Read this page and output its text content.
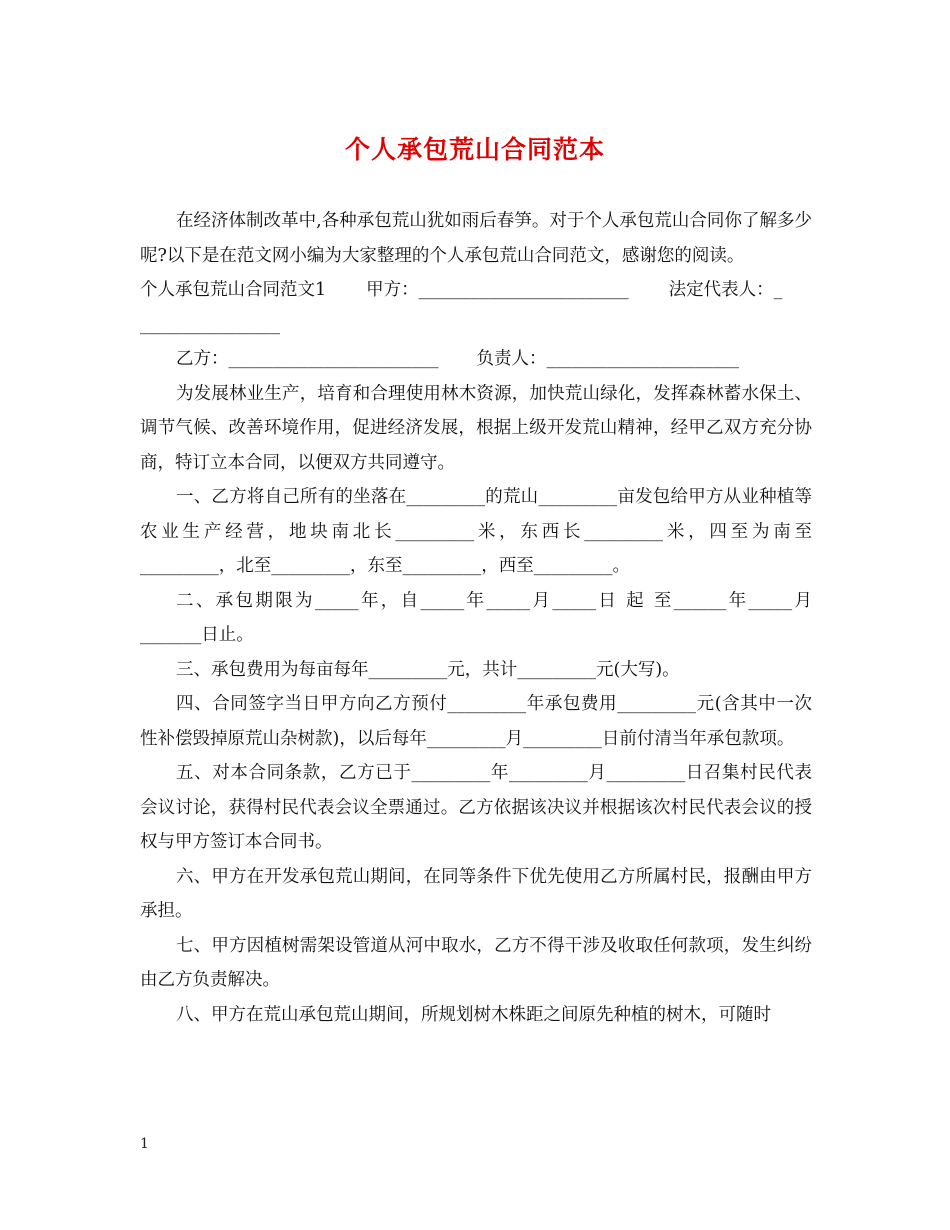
个人承包荒山合同范本

在经济体制改革中,各种承包荒山犹如雨后春笋。对于个人承包荒山合同你了解多少呢?以下是在范文网小编为大家整理的个人承包荒山合同范文，感谢您的阅读。

个人承包荒山合同范文1 甲方：________________________ 法定代表人：_
________________
乙方：________________________ 负责人：______________________

为发展林业生产，培育和合理使用林木资源，加快荒山绿化，发挥森林蓄水保土、调节气候、改善环境作用，促进经济发展，根据上级开发荒山精神，经甲乙双方充分协商，特订立本合同，以便双方共同遵守。

一、乙方将自己所有的坐落在_________的荒山_________亩发包给甲方从业种植等农业生产经营，地块南北长_________米，东西长_________米，四至为南至 _________，北至_________，东至_________，西至_________。

二、承包期限为_____年，自_____年_____月_____日 起 至______年_____月_______日止。

三、承包费用为每亩每年_________元，共计_________元(大写)。

四、合同签字当日甲方向乙方预付_________年承包费用_________元(含其中一次性补偿毁掉原荒山杂树款)，以后每年_________月_________日前付清当年承包款项。

五、对本合同条款，乙方已于_________年_________月_________日召集村民代表会议讨论，获得村民代表会议全票通过。乙方依据该决议并根据该次村民代表会议的授权与甲方签订本合同书。

六、甲方在开发承包荒山期间，在同等条件下优先使用乙方所属村民，报酬由甲方承担。

七、甲方因植树需架设管道从河中取水，乙方不得干涉及收取任何款项，发生纠纷由乙方负责解决。

八、甲方在荒山承包荒山期间，所规划树木株距之间原先种植的树木，可随时

1
